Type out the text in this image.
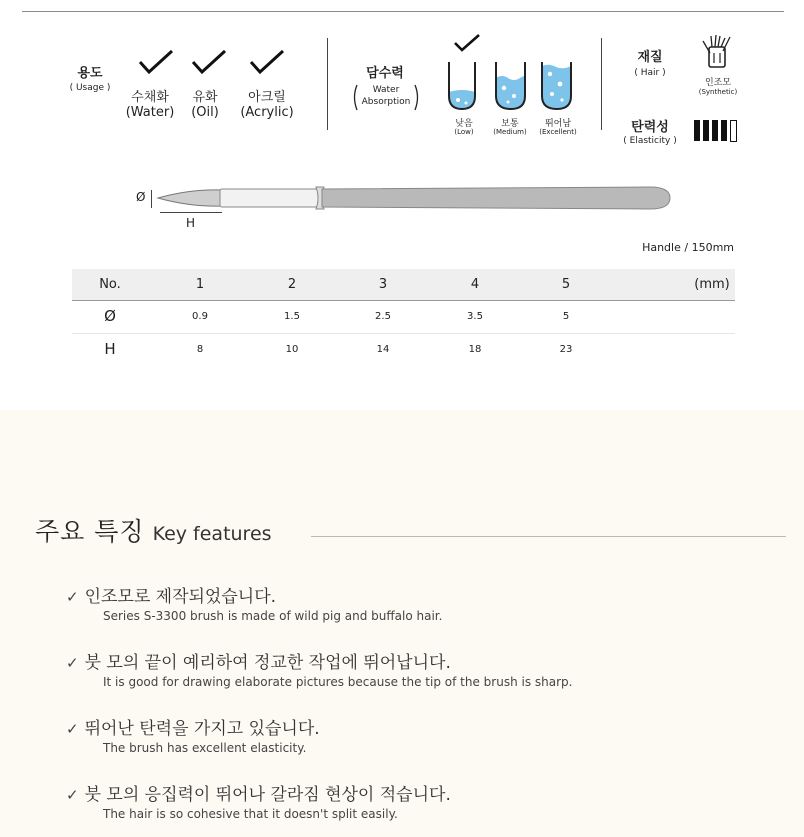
용도
( Usage )
수채화
(Water)
유화
(Oil)
아크릴
(Acrylic)
담수력
Water
Absorption
낮음
(Low)
보통
(Medium)
뛰어남
(Excellent)
재질
( Hair )
인조모
(Synthetic)
탄력성
( Elasticity )
Ø
H
Handle / 150mm
No.	1	2	3	4	5	(mm)
Ø	0.9	1.5	2.5	3.5	5
H	8	10	14	18	23
주요 특징 Key features
✓ 인조모로 제작되었습니다.
Series S-3300 brush is made of wild pig and buffalo hair.
✓ 붓 모의 끝이 예리하여 정교한 작업에 뛰어납니다.
It is good for drawing elaborate pictures because the tip of the brush is sharp.
✓ 뛰어난 탄력을 가지고 있습니다.
The brush has excellent elasticity.
✓ 붓 모의 응집력이 뛰어나 갈라짐 현상이 적습니다.
The hair is so cohesive that it doesn't split easily.
